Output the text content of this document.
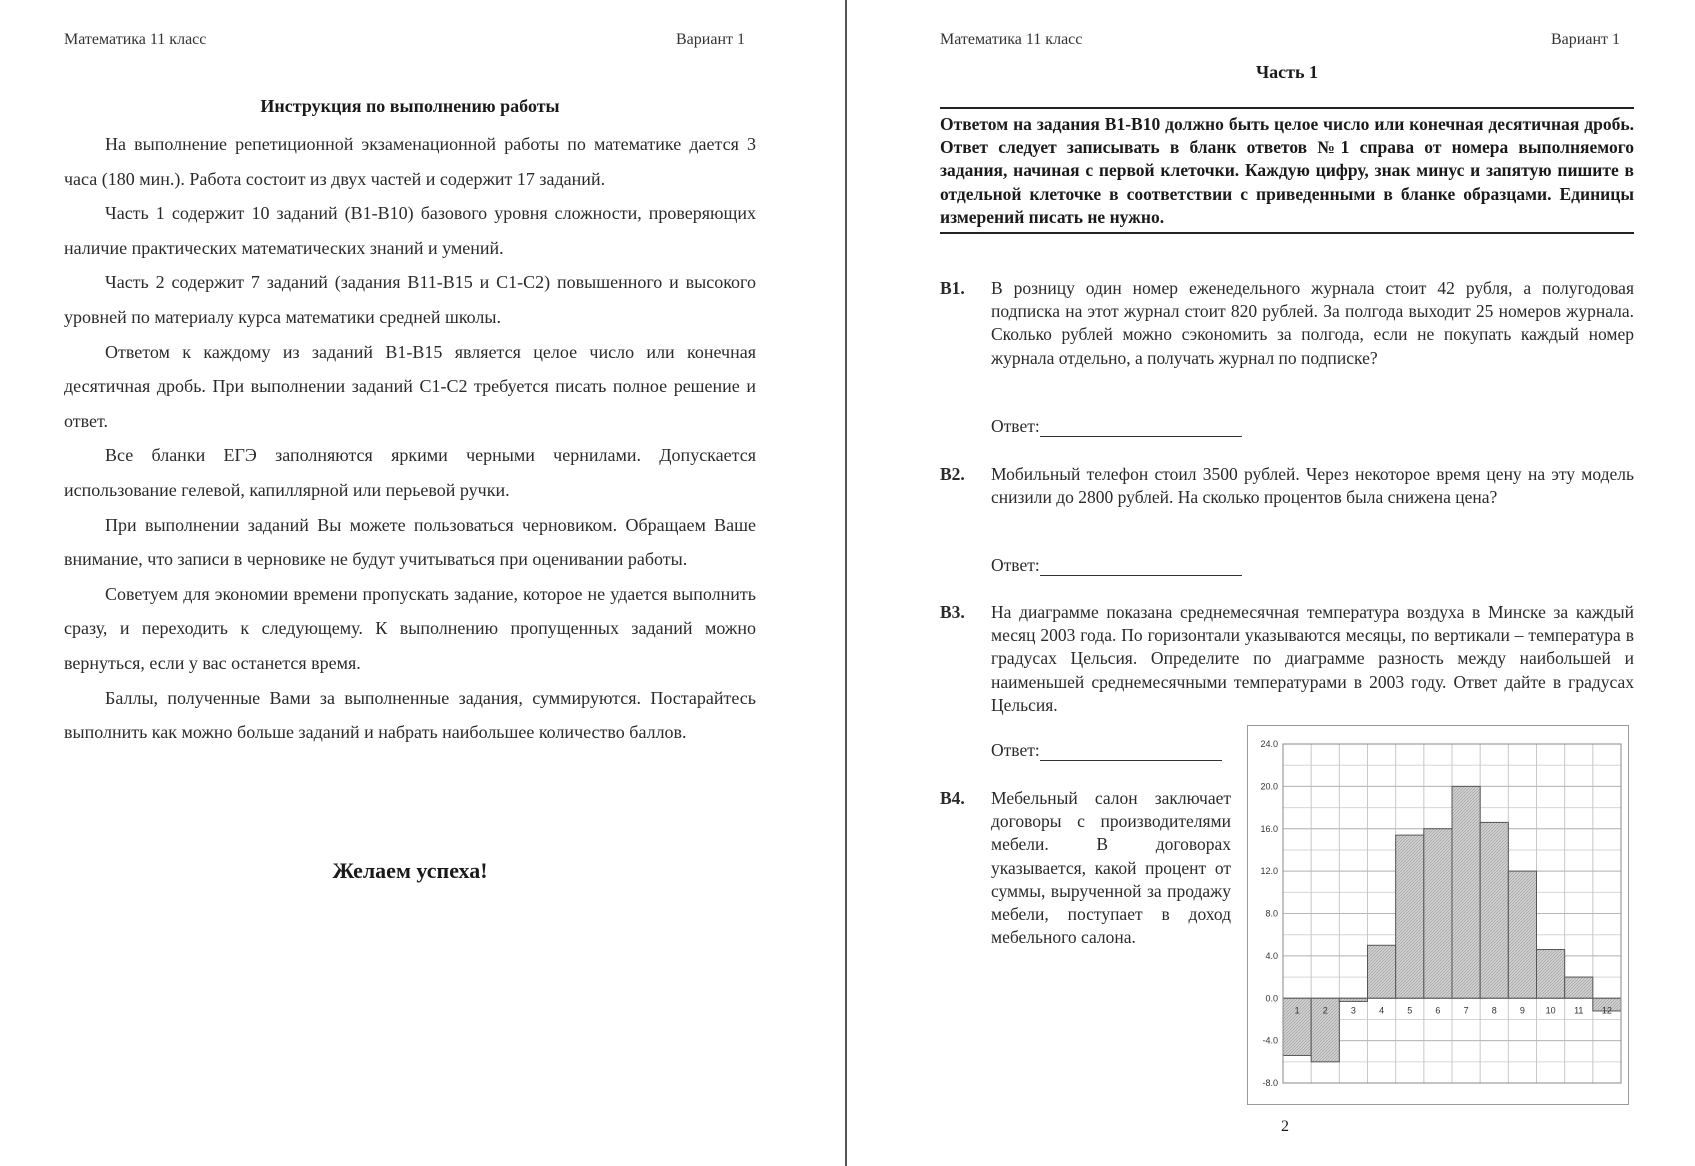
Математика 11 класс	Вариант 1
Инструкция по выполнению работы

На выполнение репетиционной экзаменационной работы по математике дается 3 часа (180 мин.). Работа состоит из двух частей и содержит 17 заданий.

Часть 1 содержит 10 заданий (В1-В10) базового уровня сложности, проверяющих наличие практических математических знаний и умений.

Часть 2 содержит 7 заданий (задания В11-В15 и С1-С2) повышенного и высокого уровней по материалу курса математики средней школы.

Ответом к каждому из заданий В1-В15 является целое число или конечная десятичная дробь. При выполнении заданий С1-С2 требуется писать полное решение и ответ.

Все бланки ЕГЭ заполняются яркими черными чернилами. Допускается использование гелевой, капиллярной или перьевой ручки.

При выполнении заданий Вы можете пользоваться черновиком. Обращаем Ваше внимание, что записи в черновике не будут учитываться при оценивании работы.

Советуем для экономии времени пропускать задание, которое не удается выполнить сразу, и переходить к следующему. К выполнению пропущенных заданий можно вернуться, если у вас останется время.

Баллы, полученные Вами за выполненные задания, суммируются. Постарайтесь выполнить как можно больше заданий и набрать наибольшее количество баллов.

Желаем успеха!
Математика 11 класс	Вариант 1
Часть 1
Ответом на задания В1-В10 должно быть целое число или конечная десятичная дробь. Ответ следует записывать в бланк ответов №1 справа от номера выполняемого задания, начиная с первой клеточки. Каждую цифру, знак минус и запятую пишите в отдельной клеточке в соответствии с приведенными в бланке образцами. Единицы измерений писать не нужно.
В1. В розницу один номер еженедельного журнала стоит 42 рубля, а полугодовая подписка на этот журнал стоит 820 рублей. За полгода выходит 25 номеров журнала. Сколько рублей можно сэкономить за полгода, если не покупать каждый номер журнала отдельно, а получать журнал по подписке?
Ответ:
В2. Мобильный телефон стоил 3500 рублей. Через некоторое время цену на эту модель снизили до 2800 рублей. На сколько процентов была снижена цена?
Ответ:
В3. На диаграмме показана среднемесячная температура воздуха в Минске за каждый месяц 2003 года. По горизонтали указываются месяцы, по вертикали – температура в градусах Цельсия. Определите по диаграмме разность между наибольшей и наименьшей среднемесячными температурами в 2003 году. Ответ дайте в градусах Цельсия.
Ответ:
В4. Мебельный салон заключает договоры с производителями мебели. В договорах указывается, какой процент от суммы, вырученной за продажу мебели, поступает в доход мебельного салона.
-8.0
-4.0
0.0
4.0
8.0
12.0
16.0
20.0
24.0
1	2	3	4	5	6	7	8	9 10 11 12
2
